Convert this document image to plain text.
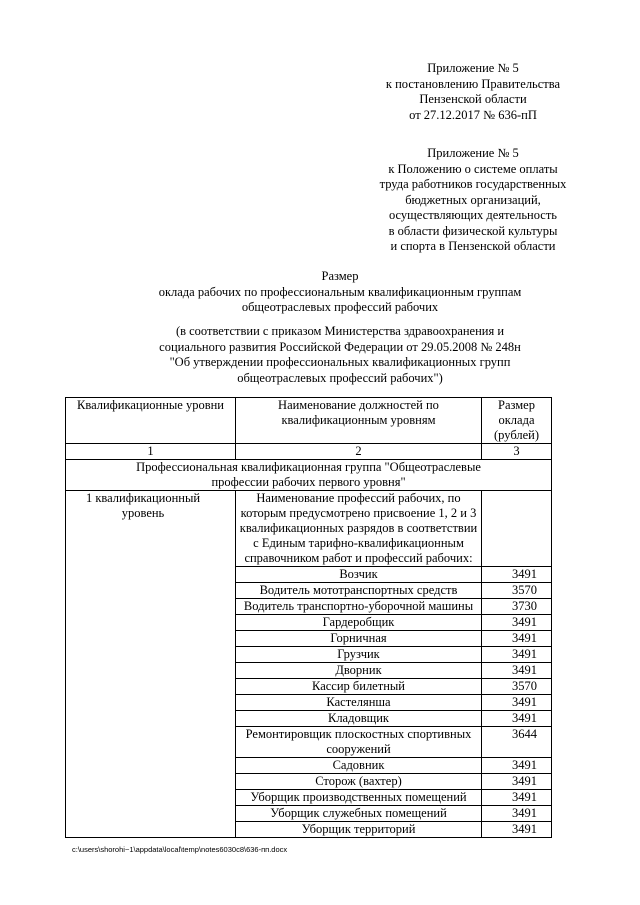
Приложение № 5
к постановлению Правительства
Пензенской области
от 27.12.2017 № 636-пП
Приложение № 5
к Положению о системе оплаты
труда работников государственных
бюджетных организаций,
осуществляющих деятельность
в области физической культуры
и спорта в Пензенской области
Размер
оклада рабочих по профессиональным квалификационным группам
общеотраслевых профессий рабочих
(в соответствии с приказом Министерства здравоохранения и
социального развития Российской Федерации от 29.05.2008 № 248н
"Об утверждении профессиональных квалификационных групп
общеотраслевых профессий рабочих")
Квалификационные уровни	Наименование должностей по квалификационным уровням	Размер оклада (рублей)
1	2	3
Профессиональная квалификационная группа "Общеотраслевые профессии рабочих первого уровня"		
1 квалификационный уровень	Наименование профессий рабочих, по которым предусмотрено присвоение 1, 2 и 3 квалификационных разрядов в соответствии с Единым тарифно-квалификационным справочником работ и профессий рабочих:	
	Возчик	3491
	Водитель мототранспортных средств	3570
	Водитель транспортно-уборочной машины	3730
	Гардеробщик	3491
	Горничная	3491
	Грузчик	3491
	Дворник	3491
	Кассир билетный	3570
	Кастелянша	3491
	Кладовщик	3491
	Ремонтировщик плоскостных спортивных сооружений	3644
	Садовник	3491
	Сторож (вахтер)	3491
	Уборщик производственных помещений	3491
	Уборщик служебных помещений	3491
	Уборщик территорий	3491
c:\users\shorohi~1\appdata\local\temp\notes6030c8\636-пп.docx
